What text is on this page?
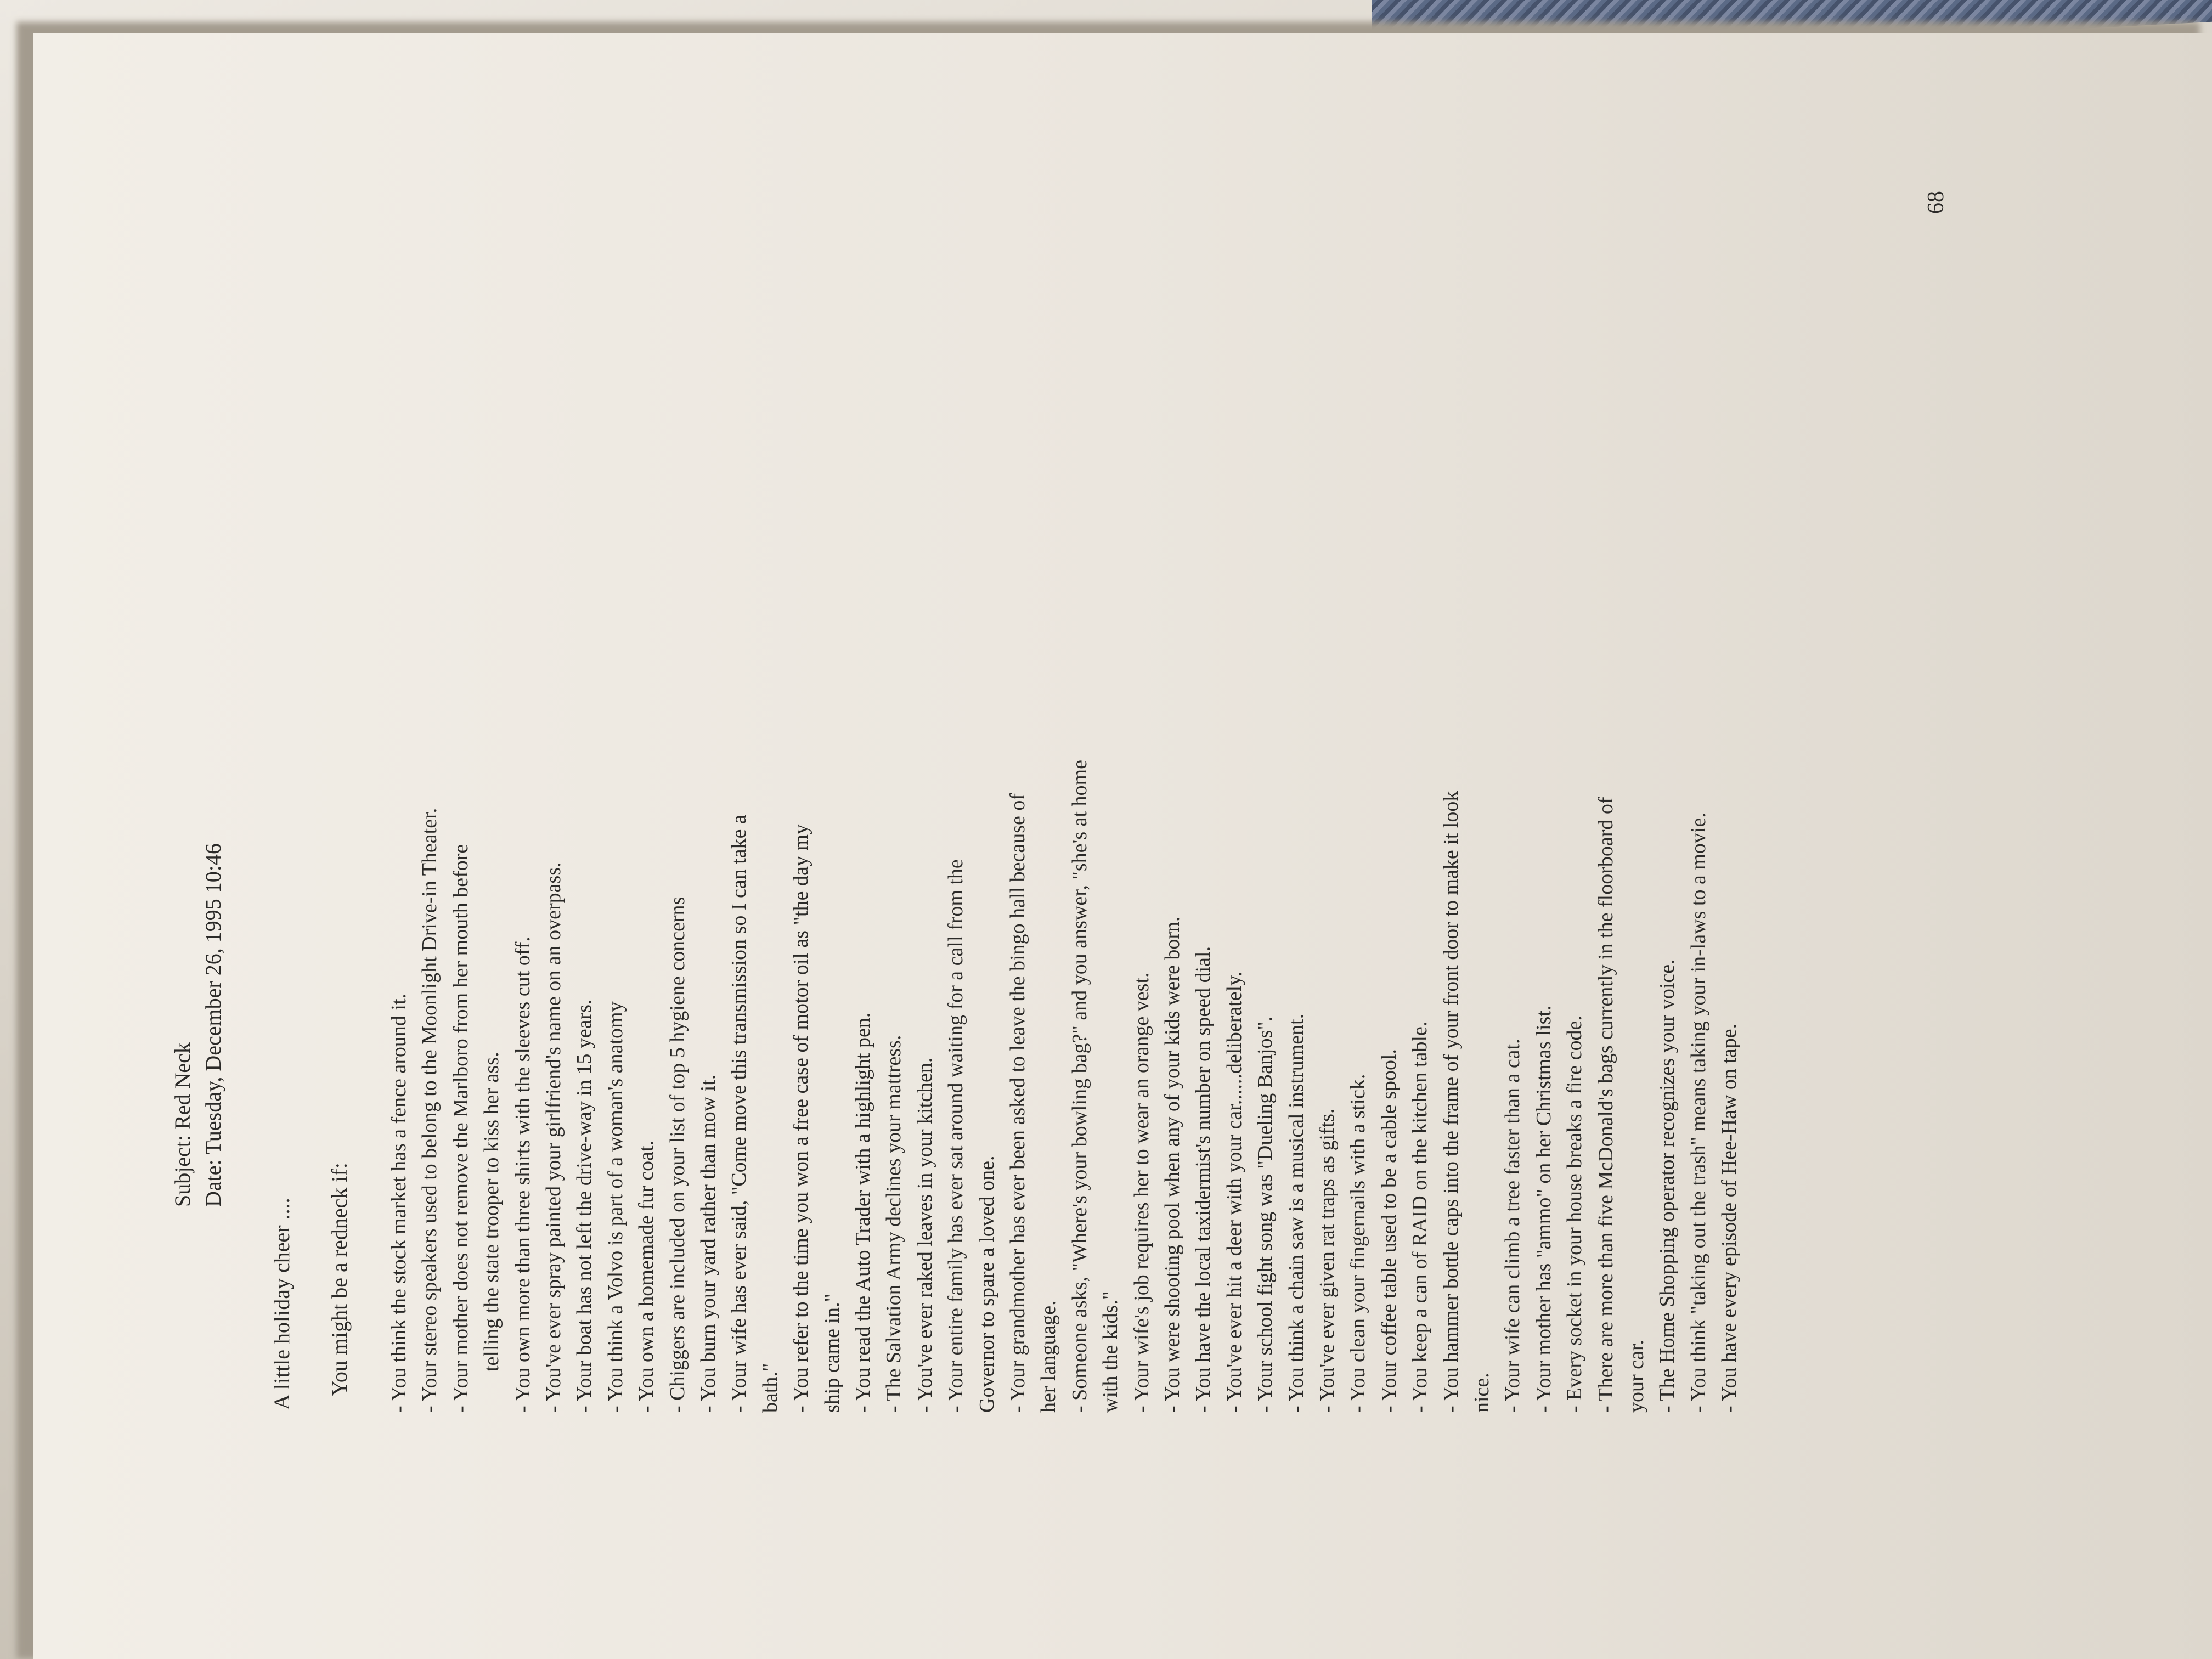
Subject: Red Neck Date: Tuesday, December 26, 1995 10:46
A little holiday cheer .... You might be a redneck if: - You think the stock market has a fence around it. - Your stereo speakers used to belong to the Moonlight Drive-in Theater. - Your mother does not remove the Marlboro from her mouth before telling the state trooper to kiss her ass. - You own more than three shirts with the sleeves cut off. - You've ever spray painted your girlfriend's name on an overpass. - Your boat has not left the drive-way in 15 years. - You think a Volvo is part of a woman's anatomy - You own a homemade fur coat. - Chiggers are included on your list of top 5 hygiene concerns - You burn your yard rather than mow it. - Your wife has ever said, "Come move this transmission so I can take a bath." - You refer to the time you won a free case of motor oil as "the day my ship came in." - You read the Auto Trader with a highlight pen. - The Salvation Army declines your mattress. - You've ever raked leaves in your kitchen. - Your entire family has ever sat around waiting for a call from the Governor to spare a loved one. - Your grandmother has ever been asked to leave the bingo hall because of her language. - Someone asks, "Where's your bowling bag?" and you answer, "she's at home with the kids." - Your wife's job requires her to wear an orange vest. - You were shooting pool when any of your kids were born. - You have the local taxidermist's number on speed dial. - You've ever hit a deer with your car......deliberately. - Your school fight song was "Dueling Banjos". - You think a chain saw is a musical instrument. - You've ever given rat traps as gifts. - You clean your fingernails with a stick. - Your coffee table used to be a cable spool. - You keep a can of RAID on the kitchen table. - You hammer bottle caps into the frame of your front door to make it look nice. - Your wife can climb a tree faster than a cat. - Your mother has "ammo" on her Christmas list. - Every socket in your house breaks a fire code. - There are more than five McDonald's bags currently in the floorboard of your car. - The Home Shopping operator recognizes your voice. - You think "taking out the trash" means taking your in-laws to a movie. - You have every episode of Hee-Haw on tape.
68
